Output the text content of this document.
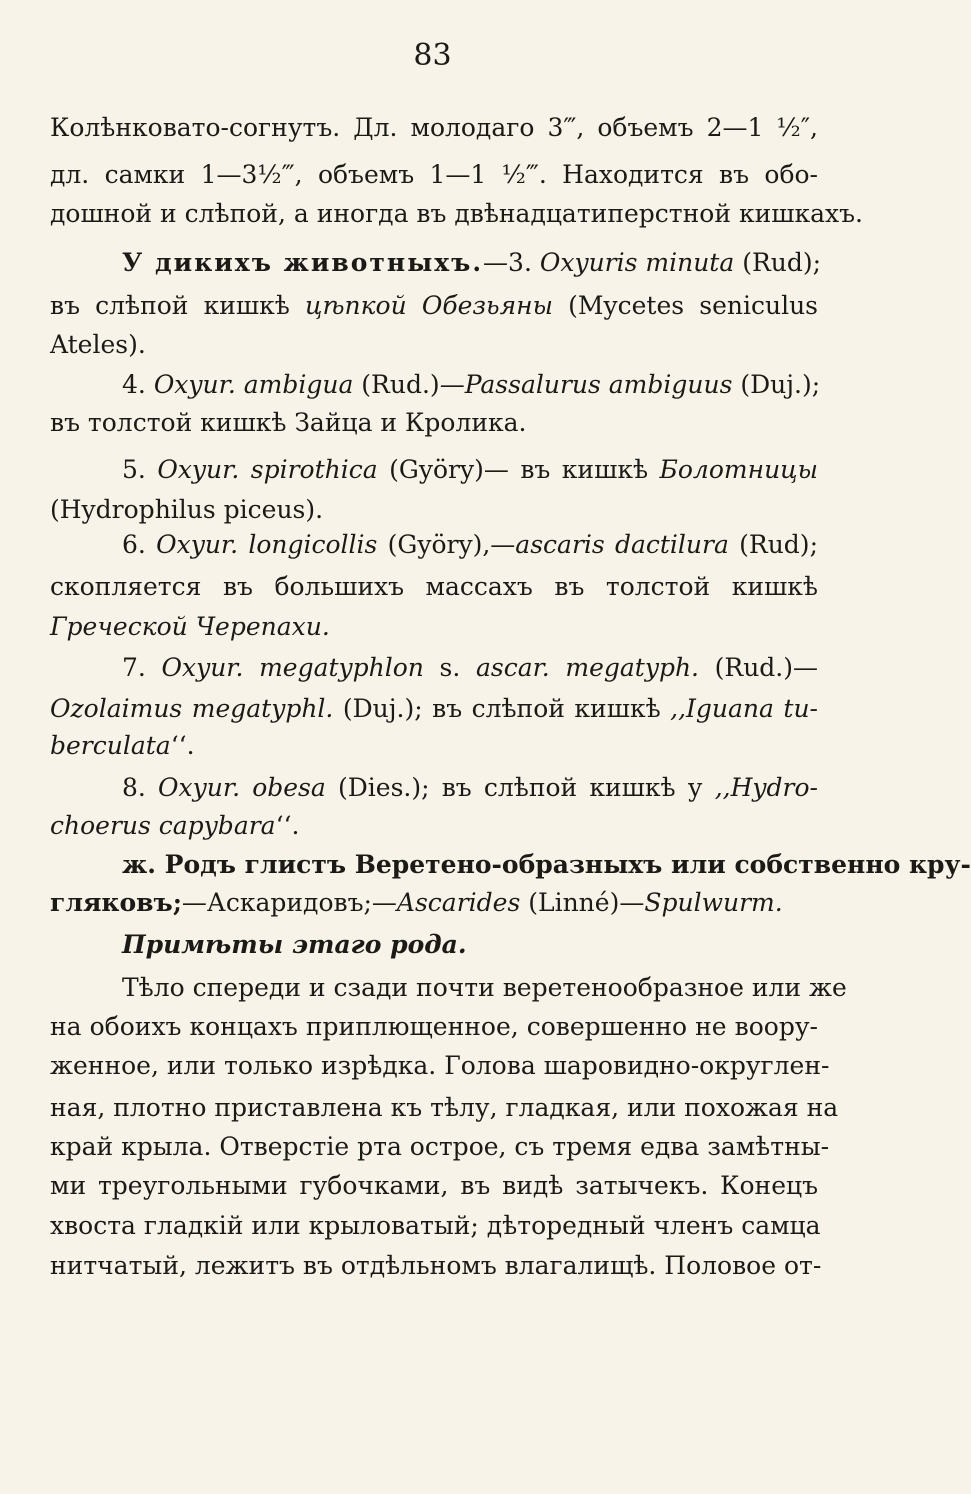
83
Колѣнковато-согнутъ. Дл. молодаго 3‴, объемъ 2—1 ½″,
дл. самки 1—3½‴, объемъ 1—1 ½‴. Находится въ обо-
дошной и слѣпой, а иногда въ двѣнадцатиперстной кишкахъ.
У дикихъ животныхъ.—3. Oxyuris minuta (Rud);
въ слѣпой кишкѣ цѣпкой Обезьяны (Mycetes seniculus
Ateles).
4. Oxyur. ambigua (Rud.)—Passalurus ambiguus (Duj.);
въ толстой кишкѣ Зайца и Кролика.
5. Oxyur. spirothica (Györy)— въ кишкѣ Болотницы
(Hydrophilus piceus).
6. Oxyur. longicollis (Györy),—ascaris dactilura (Rud);
скопляется въ большихъ массахъ въ толстой кишкѣ
Греческой Черепахи.
7. Oxyur. megatyphlon s. ascar. megatyph. (Rud.)—
Ozolaimus megatyphl. (Duj.); въ слѣпой кишкѣ ,,Iguana tu-
berculata‘‘.
8. Oxyur. obesa (Dies.); въ слѣпой кишкѣ у ,,Hydro-
choerus capybara‘‘.
ж. Родъ глистъ Веретено-образныхъ или собственно кру-
гляковъ;—Аскаридовъ;—Ascarides (Linné)—Spulwurm.
Примѣты этаго рода.
Тѣло спереди и сзади почти веретенообразное или же
на обоихъ концахъ приплющенное, совершенно не воору-
женное, или только изрѣдка. Голова шаровидно-округлен-
ная, плотно приставлена къ тѣлу, гладкая, или похожая на
край крыла. Отверстіе рта острое, съ тремя едва замѣтны-
ми треугольными губочками, въ видѣ затычекъ. Конецъ
хвоста гладкій или крыловатый; дѣторедный членъ самца
нитчатый, лежитъ въ отдѣльномъ влагалищѣ. Половое от-
